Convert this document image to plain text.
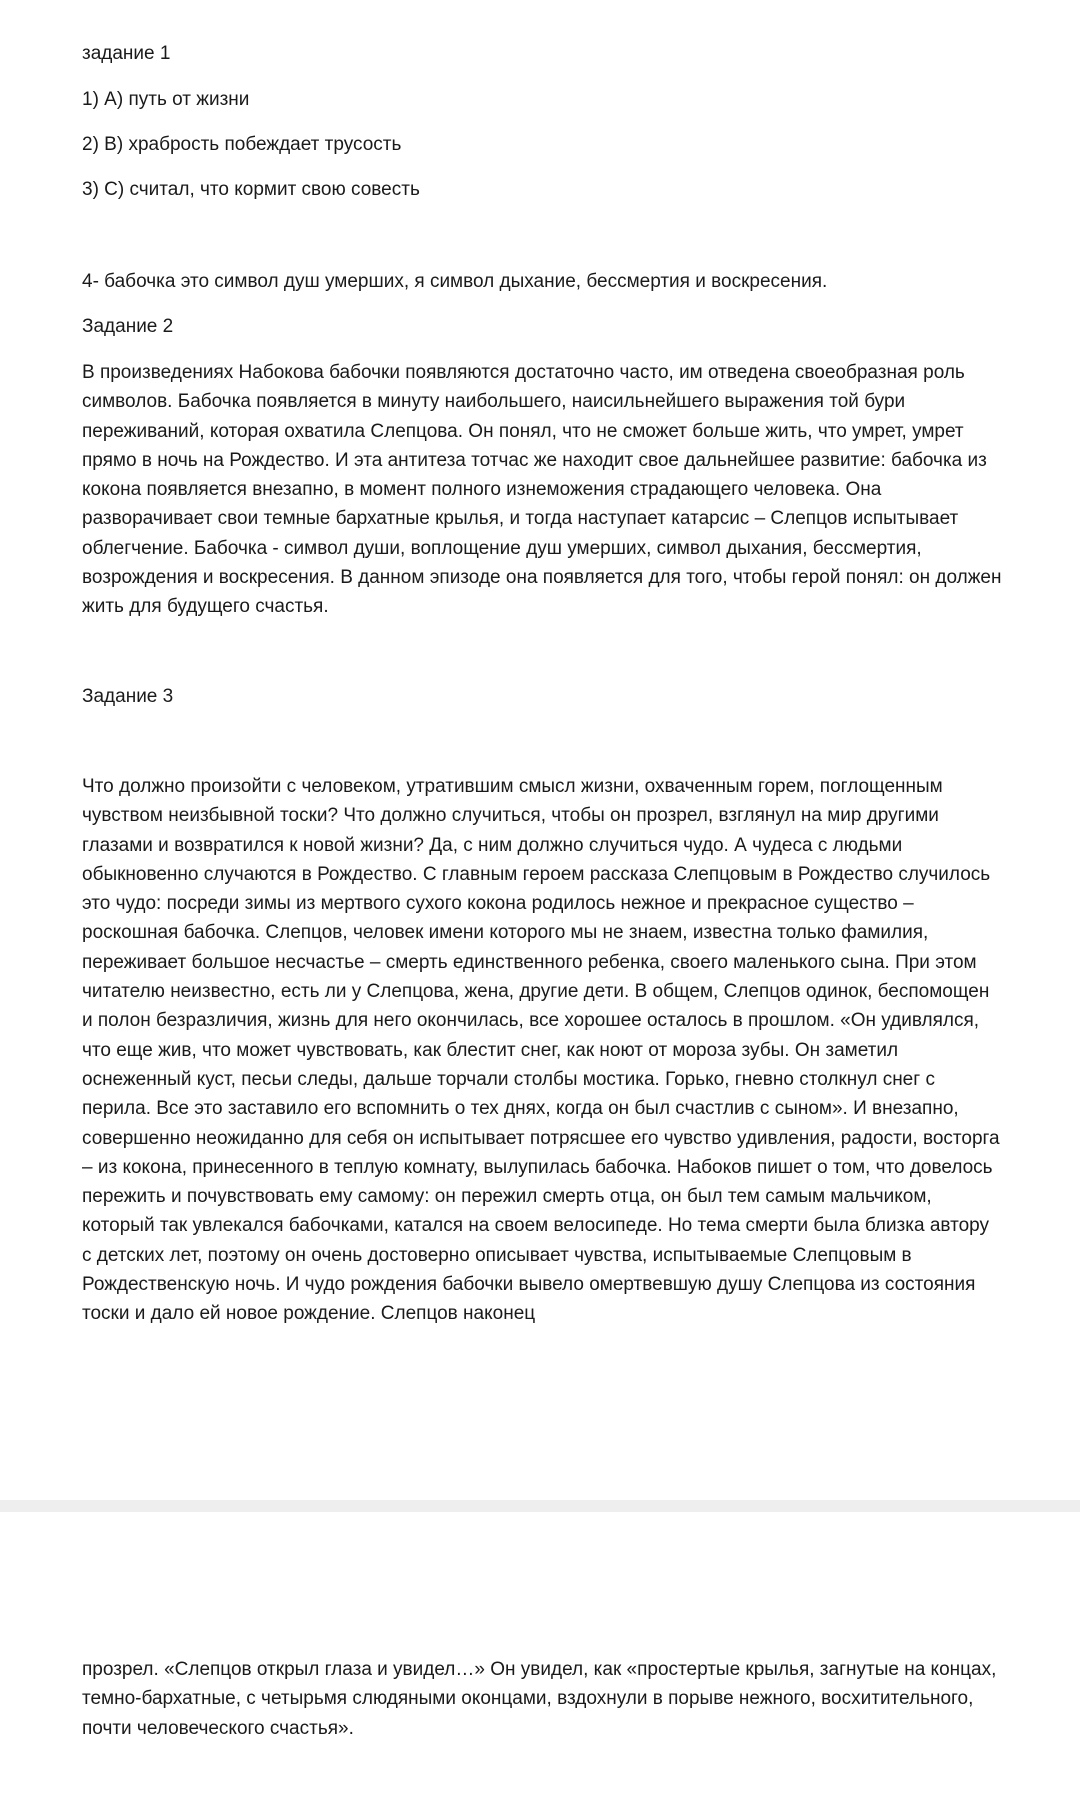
задание 1

1) А) путь от жизни

2) В) храбрость побеждает трусость

3) С) считал, что кормит свою совесть

4- бабочка это символ душ умерших, я символ дыхание, бессмертия и воскресения.

Задание 2

В произведениях Набокова бабочки появляются достаточно часто, им отведена своеобразная роль символов. Бабочка появляется в минуту наибольшего, наисильнейшего выражения той бури переживаний, которая охватила Слепцова. Он понял, что не сможет больше жить, что умрет, умрет прямо в ночь на Рождество. И эта антитеза тотчас же находит свое дальнейшее развитие: бабочка из кокона появляется внезапно, в момент полного изнеможения страдающего человека. Она разворачивает свои темные бархатные крылья, и тогда наступает катарсис – Слепцов испытывает облегчение. Бабочка - символ души, воплощение душ умерших, символ дыхания, бессмертия, возрождения и воскресения. В данном эпизоде она появляется для того, чтобы герой понял: он должен жить для будущего счастья.

Задание 3

Что должно произойти с человеком, утратившим смысл жизни, охваченным горем, поглощенным чувством неизбывной тоски? Что должно случиться, чтобы он прозрел, взглянул на мир другими глазами и возвратился к новой жизни? Да, с ним должно случиться чудо. А чудеса с людьми обыкновенно случаются в Рождество. С главным героем рассказа Слепцовым в Рождество случилось это чудо: посреди зимы из мертвого сухого кокона родилось нежное и прекрасное существо – роскошная бабочка. Слепцов, человек имени которого мы не знаем, известна только фамилия, переживает большое несчастье – смерть единственного ребенка, своего маленького сына. При этом читателю неизвестно, есть ли у Слепцова, жена, другие дети. В общем, Слепцов одинок, беспомощен и полон безразличия, жизнь для него окончилась, все хорошее осталось в прошлом. «Он удивлялся, что еще жив, что может чувствовать, как блестит снег, как ноют от мороза зубы. Он заметил оснеженный куст, песьи следы, дальше торчали столбы мостика. Горько, гневно столкнул снег с перила. Все это заставило его вспомнить о тех днях, когда он был счастлив с сыном». И внезапно, совершенно неожиданно для себя он испытывает потрясшее его чувство удивления, радости, восторга – из кокона, принесенного в теплую комнату, вылупилась бабочка. Набоков пишет о том, что довелось пережить и почувствовать ему самому: он пережил смерть отца, он был тем самым мальчиком, который так увлекался бабочками, катался на своем велосипеде. Но тема смерти была близка автору с детских лет, поэтому он очень достоверно описывает чувства, испытываемые Слепцовым в Рождественскую ночь. И чудо рождения бабочки вывело омертвевшую душу Слепцова из состояния тоски и дало ей новое рождение. Слепцов наконец

прозрел. «Слепцов открыл глаза и увидел…» Он увидел, как «простертые крылья, загнутые на концах, темно-бархатные, с четырьмя слюдяными оконцами, вздохнули в порыве нежного, восхитительного, почти человеческого счастья».
